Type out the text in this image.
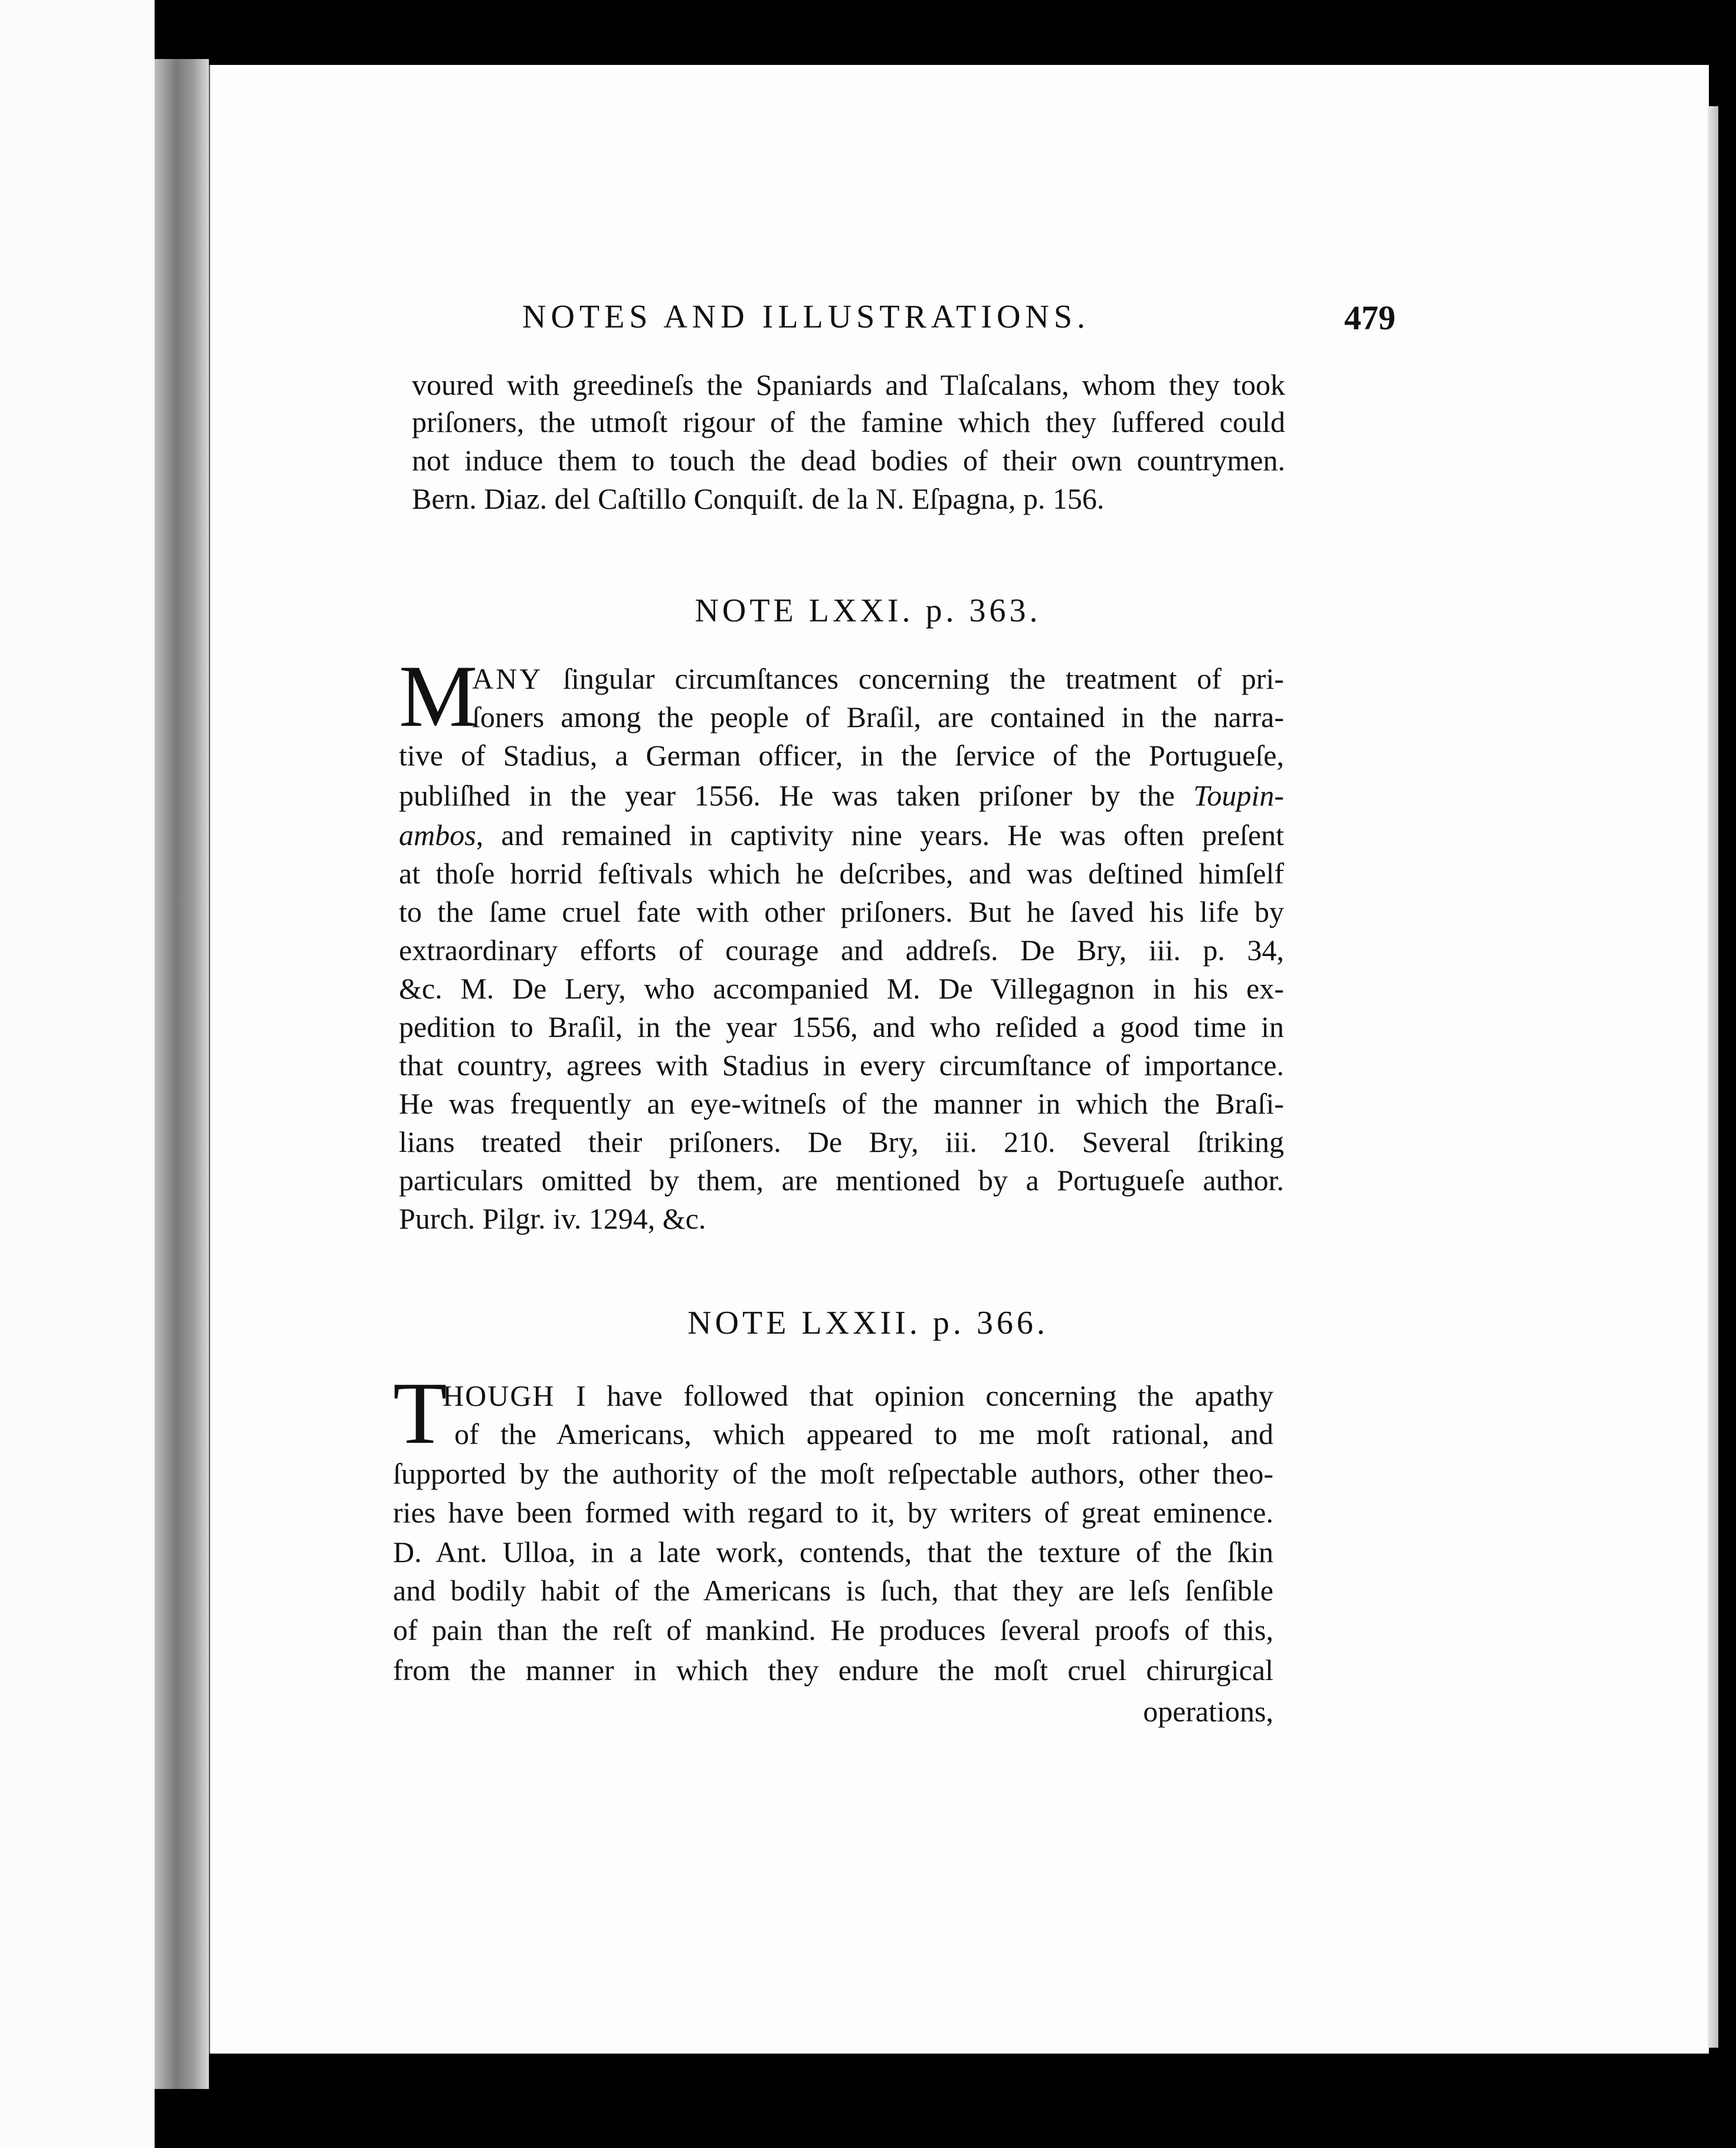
NOTES AND ILLUSTRATIONS.	479
voured with greedineſs the Spaniards and Tlaſcalans, whom they took
priſoners, the utmoſt rigour of the famine which they ſuffered could
not induce them to touch the dead bodies of their own countrymen.
Bern. Diaz. del Caſtillo Conquiſt. de la N. Eſpagna, p. 156.
NOTE LXXI. p. 363.
M
ANY ſingular circumſtances concerning the treatment of pri-
ſoners among the people of Braſil, are contained in the narra-
tive of Stadius, a German officer, in the ſervice of the Portugueſe,
publiſhed in the year 1556. He was taken priſoner by the Toupin-
ambos, and remained in captivity nine years. He was often preſent
at thoſe horrid feſtivals which he deſcribes, and was deſtined himſelf
to the ſame cruel fate with other priſoners. But he ſaved his life by
extraordinary efforts of courage and addreſs. De Bry, iii. p. 34,
&c. M. De Lery, who accompanied M. De Villegagnon in his ex-
pedition to Braſil, in the year 1556, and who reſided a good time in
that country, agrees with Stadius in every circumſtance of importance.
He was frequently an eye-witneſs of the manner in which the Braſi-
lians treated their priſoners. De Bry, iii. 210. Several ſtriking
particulars omitted by them, are mentioned by a Portugueſe author.
Purch. Pilgr. iv. 1294, &c.
NOTE LXXII. p. 366.
T
HOUGH I have followed that opinion concerning the apathy
of the Americans, which appeared to me moſt rational, and
ſupported by the authority of the moſt reſpectable authors, other theo-
ries have been formed with regard to it, by writers of great eminence.
D. Ant. Ulloa, in a late work, contends, that the texture of the ſkin
and bodily habit of the Americans is ſuch, that they are leſs ſenſible
of pain than the reſt of mankind. He produces ſeveral proofs of this,
from the manner in which they endure the moſt cruel chirurgical
operations,
